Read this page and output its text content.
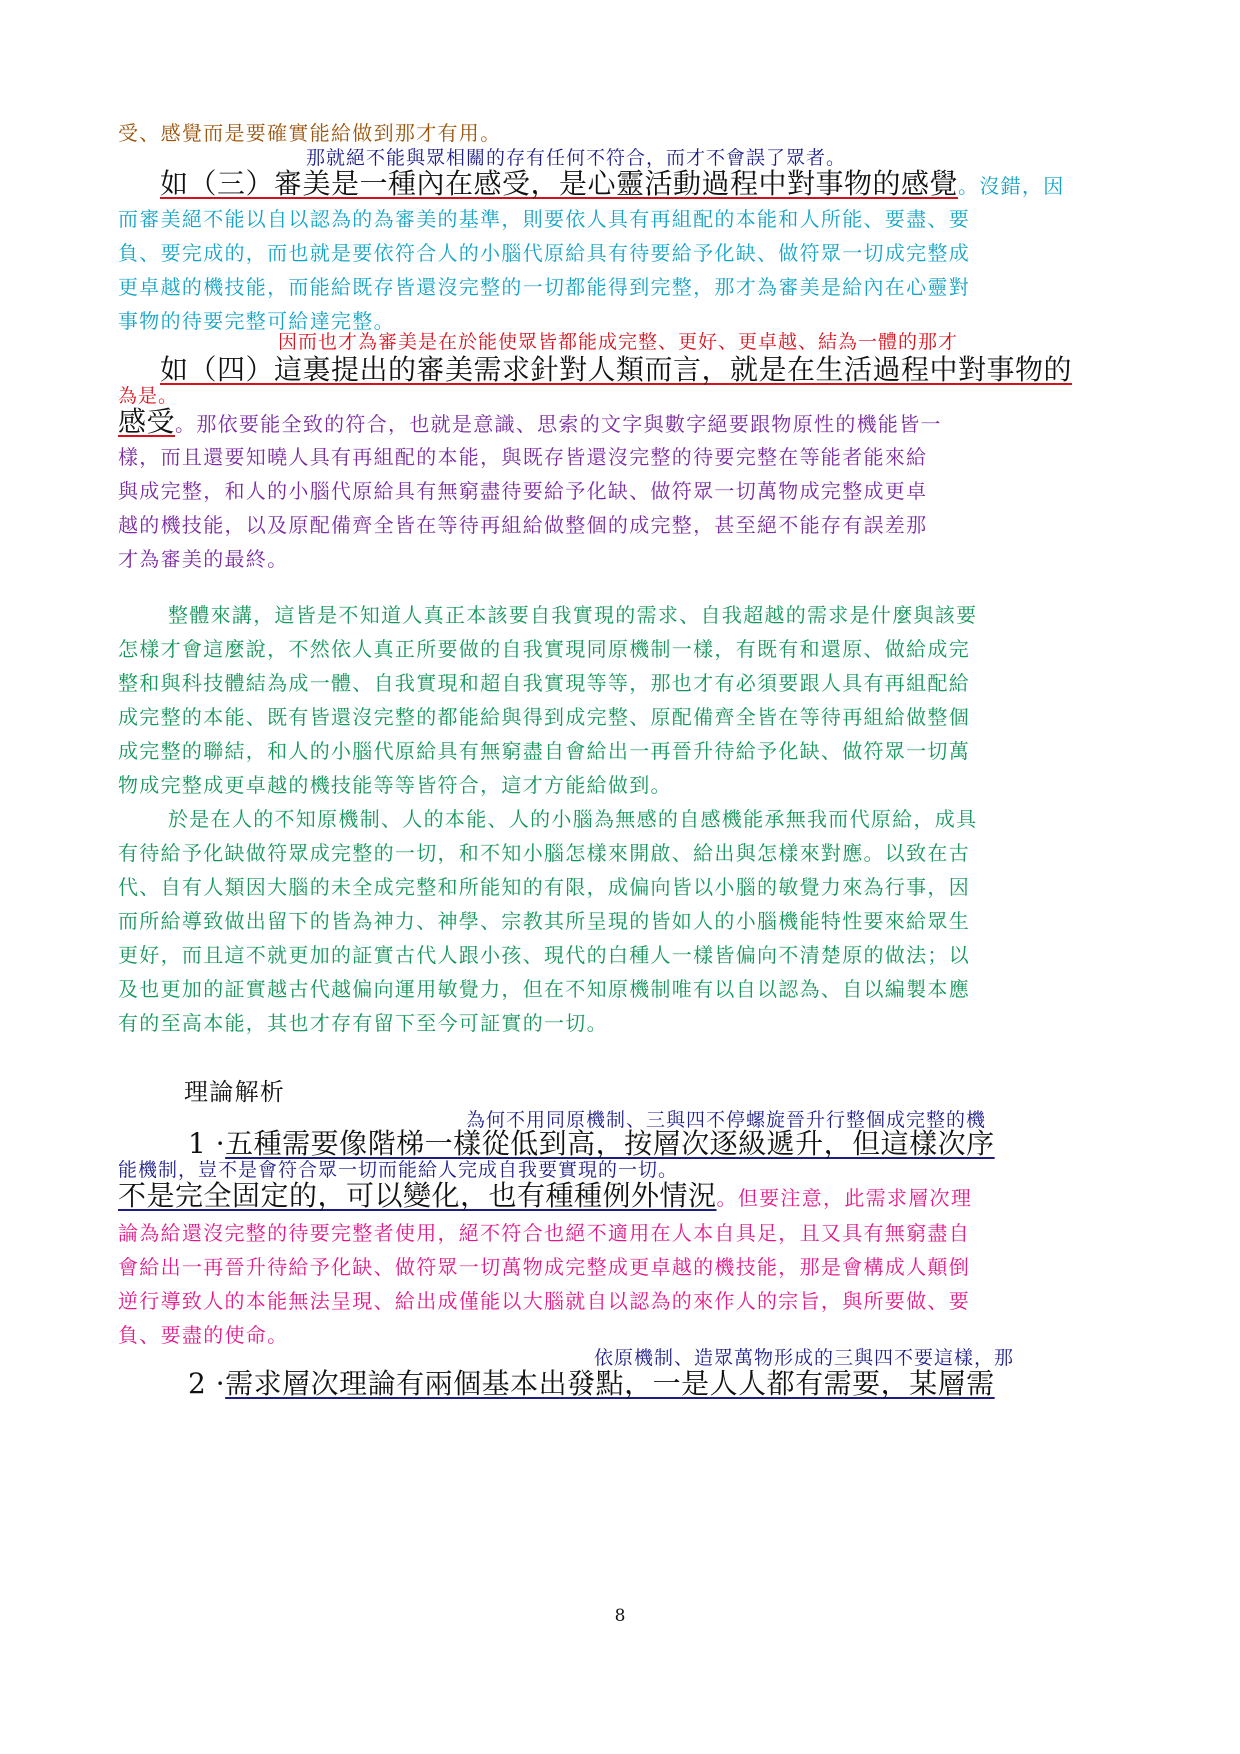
受、感覺而是要確實能給做到那才有用。
那就絕不能與眾相關的存有任何不符合，而才不會誤了眾者。
如（三）審美是一種內在感受，是心靈活動過程中對事物的感覺。沒錯，因
而審美絕不能以自以認為的為審美的基準，則要依人具有再組配的本能和人所能、要盡、要
負、要完成的，而也就是要依符合人的小腦代原給具有待要給予化缺、做符眾一切成完整成
更卓越的機技能，而能給既存皆還沒完整的一切都能得到完整，那才為審美是給內在心靈對
事物的待要完整可給達完整。
因而也才為審美是在於能使眾皆都能成完整、更好、更卓越、結為一體的那才
如（四）這裏提出的審美需求針對人類而言，就是在生活過程中對事物的
為是。
感受。那依要能全致的符合，也就是意識、思索的文字與數字絕要跟物原性的機能皆一
樣，而且還要知曉人具有再組配的本能，與既存皆還沒完整的待要完整在等能者能來給
與成完整，和人的小腦代原給具有無窮盡待要給予化缺、做符眾一切萬物成完整成更卓
越的機技能，以及原配備齊全皆在等待再組給做整個的成完整，甚至絕不能存有誤差那
才為審美的最終。
整體來講，這皆是不知道人真正本該要自我實現的需求、自我超越的需求是什麼與該要
怎樣才會這麼說，不然依人真正所要做的自我實現同原機制一樣，有既有和還原、做給成完
整和與科技體結為成一體、自我實現和超自我實現等等，那也才有必須要跟人具有再組配給
成完整的本能、既有皆還沒完整的都能給與得到成完整、原配備齊全皆在等待再組給做整個
成完整的聯結，和人的小腦代原給具有無窮盡自會給出一再晉升待給予化缺、做符眾一切萬
物成完整成更卓越的機技能等等皆符合，這才方能給做到。
於是在人的不知原機制、人的本能、人的小腦為無感的自感機能承無我而代原給，成具
有待給予化缺做符眾成完整的一切，和不知小腦怎樣來開啟、給出與怎樣來對應。以致在古
代、自有人類因大腦的未全成完整和所能知的有限，成偏向皆以小腦的敏覺力來為行事，因
而所給導致做出留下的皆為神力、神學、宗教其所呈現的皆如人的小腦機能特性要來給眾生
更好，而且這不就更加的証實古代人跟小孩、現代的白種人一樣皆偏向不清楚原的做法；以
及也更加的証實越古代越偏向運用敏覺力，但在不知原機制唯有以自以認為、自以編製本應
有的至高本能，其也才存有留下至今可証實的一切。
理論解析
為何不用同原機制、三與四不停螺旋晉升行整個成完整的機
1 ·五種需要像階梯一樣從低到高，按層次逐級遞升，但這樣次序
能機制，豈不是會符合眾一切而能給人完成自我要實現的一切。
不是完全固定的，可以變化，也有種種例外情況。但要注意，此需求層次理
論為給還沒完整的待要完整者使用，絕不符合也絕不適用在人本自具足，且又具有無窮盡自
會給出一再晉升待給予化缺、做符眾一切萬物成完整成更卓越的機技能，那是會構成人顛倒
逆行導致人的本能無法呈現、給出成僅能以大腦就自以認為的來作人的宗旨，與所要做、要
負、要盡的使命。
依原機制、造眾萬物形成的三與四不要這樣，那
2 ·需求層次理論有兩個基本出發點，一是人人都有需要，某層需
8
